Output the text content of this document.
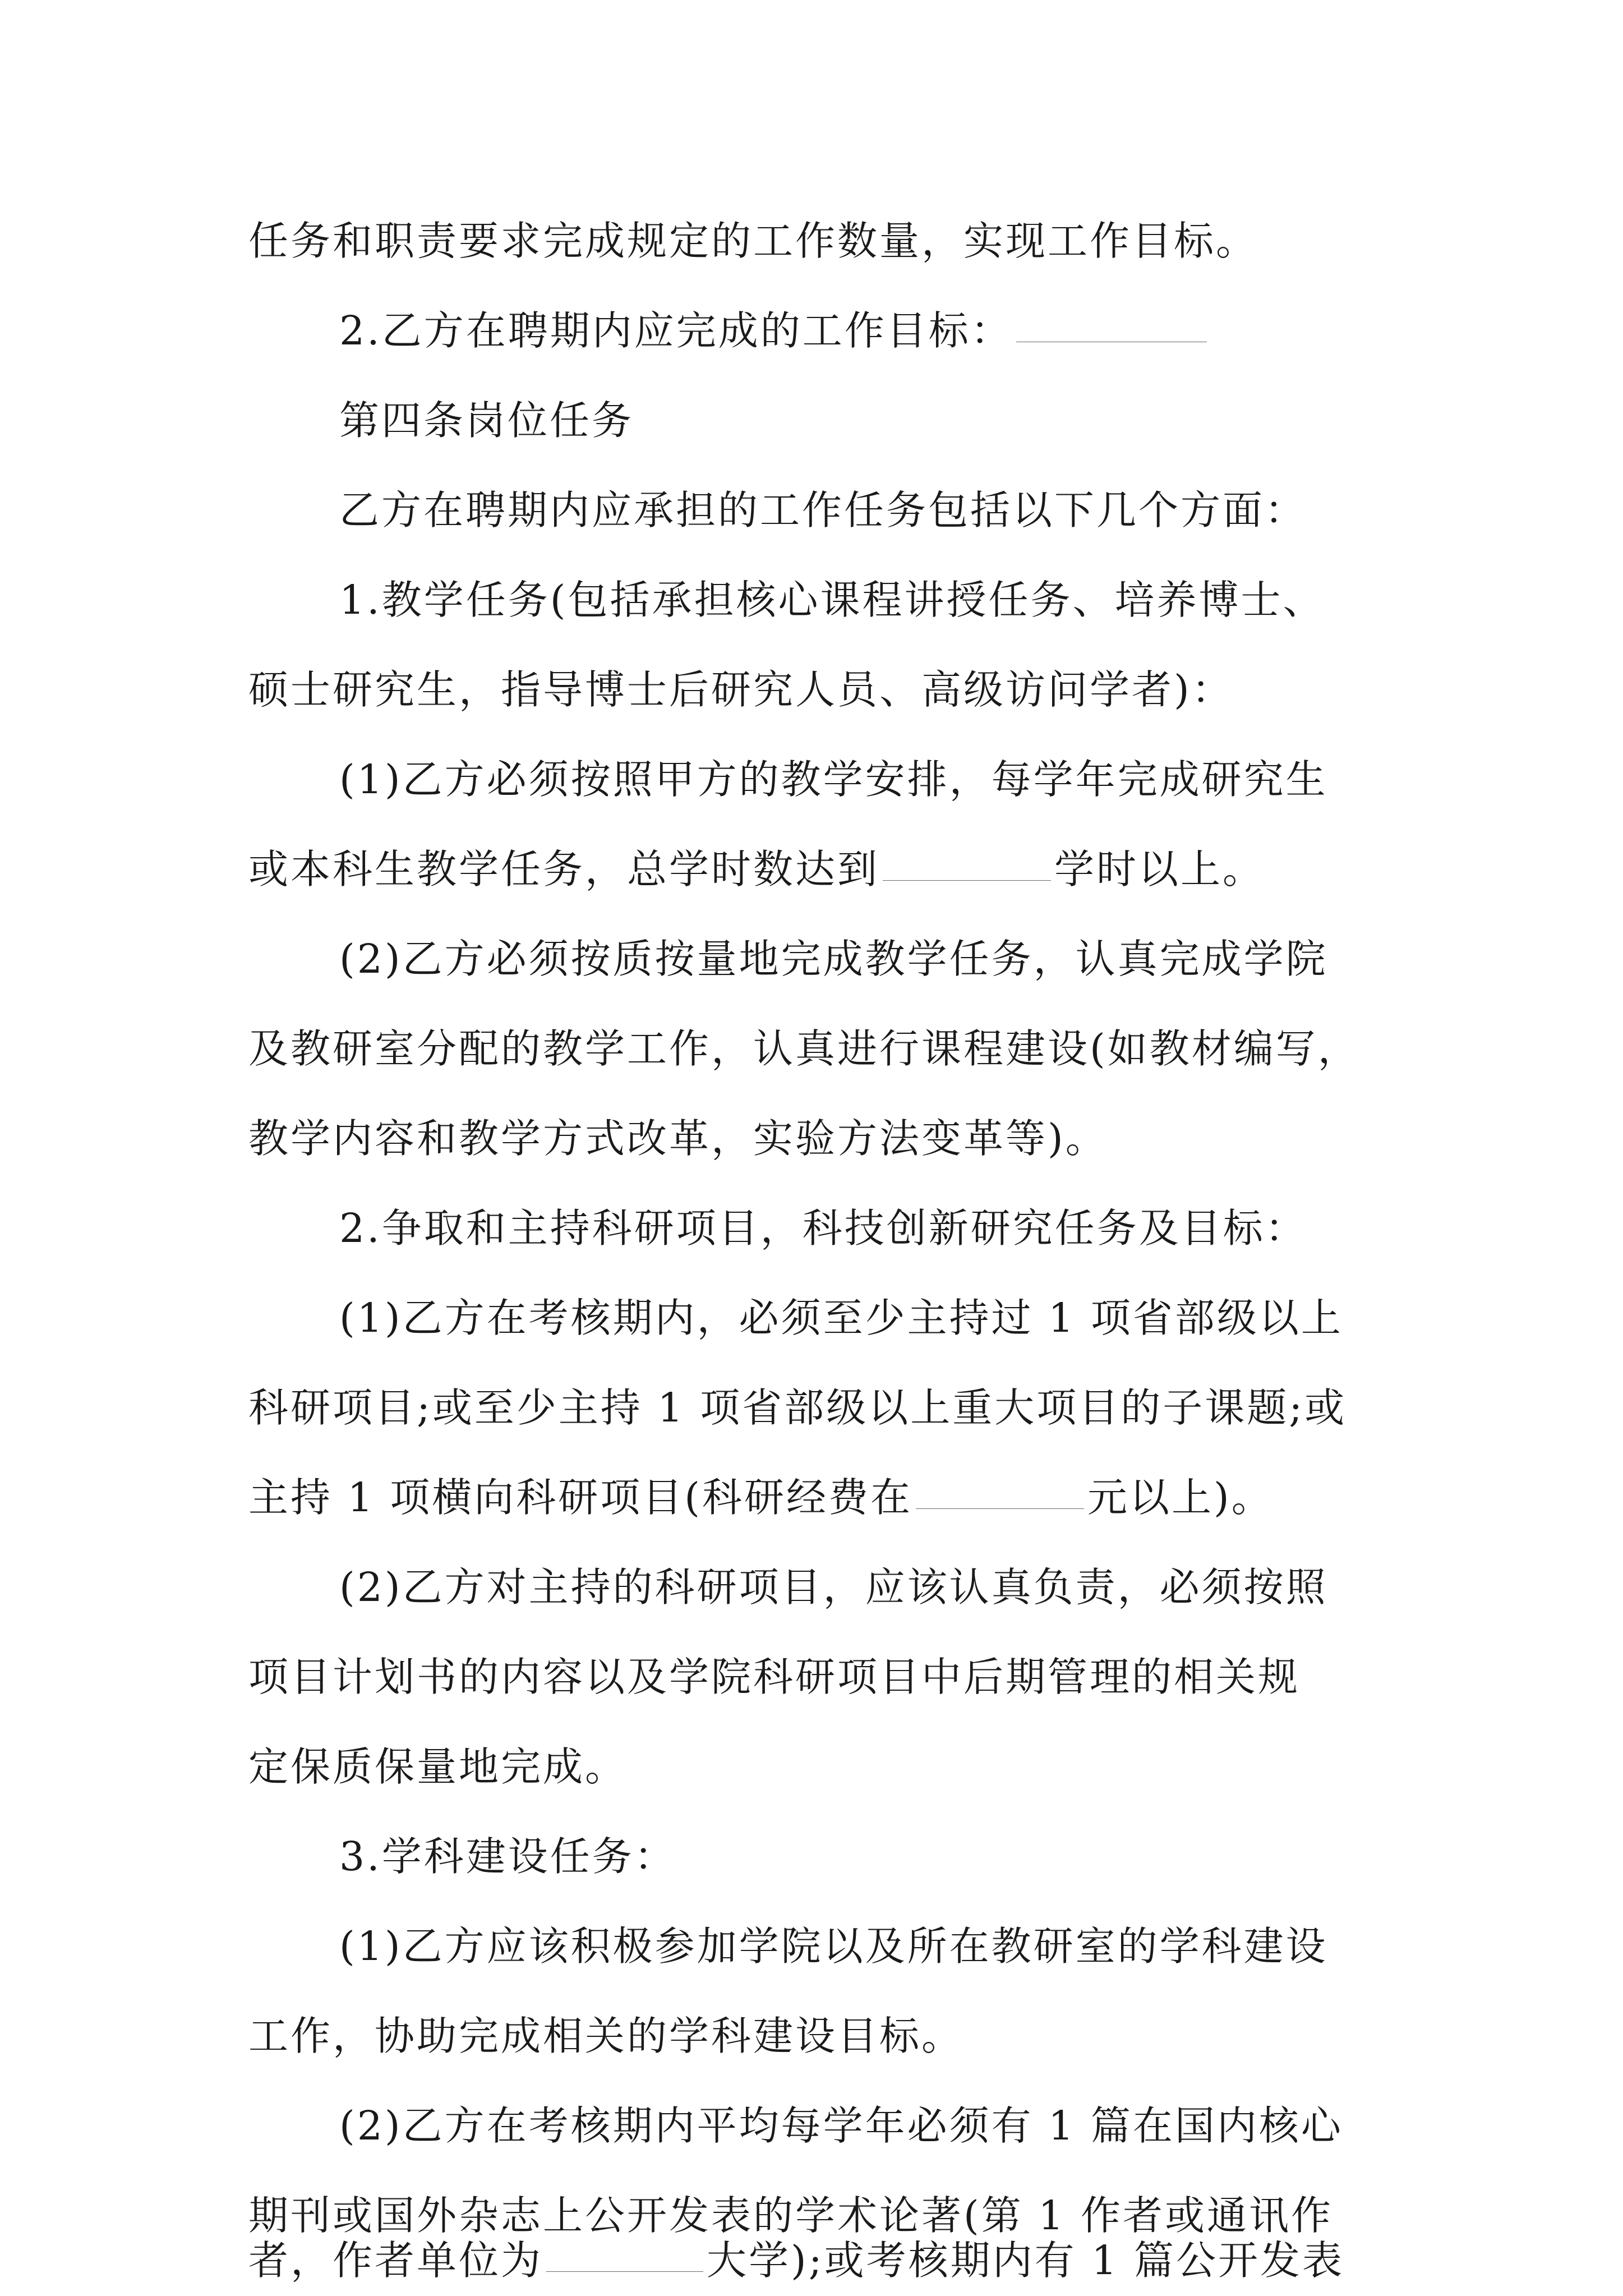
任务和职责要求完成规定的工作数量，实现工作目标。
2.乙方在聘期内应完成的工作目标：
第四条岗位任务
乙方在聘期内应承担的工作任务包括以下几个方面：
1.教学任务(包括承担核心课程讲授任务、培养博士、
硕士研究生，指导博士后研究人员、高级访问学者)：
(1)乙方必须按照甲方的教学安排，每学年完成研究生
或本科生教学任务，总学时数达到	学时以上。
(2)乙方必须按质按量地完成教学任务，认真完成学院
及教研室分配的教学工作，认真进行课程建设(如教材编写，
教学内容和教学方式改革，实验方法变革等)。
2.争取和主持科研项目，科技创新研究任务及目标：
(1)乙方在考核期内，必须至少主持过 1 项省部级以上
科研项目;或至少主持 1 项省部级以上重大项目的子课题;或
主持 1 项横向科研项目(科研经费在	元以上)。
(2)乙方对主持的科研项目，应该认真负责，必须按照
项目计划书的内容以及学院科研项目中后期管理的相关规
定保质保量地完成。
3.学科建设任务：
(1)乙方应该积极参加学院以及所在教研室的学科建设
工作，协助完成相关的学科建设目标。
(2)乙方在考核期内平均每学年必须有 1 篇在国内核心
期刊或国外杂志上公开发表的学术论著(第 1 作者或通讯作
者，作者单位为	大学);或考核期内有 1 篇公开发表
